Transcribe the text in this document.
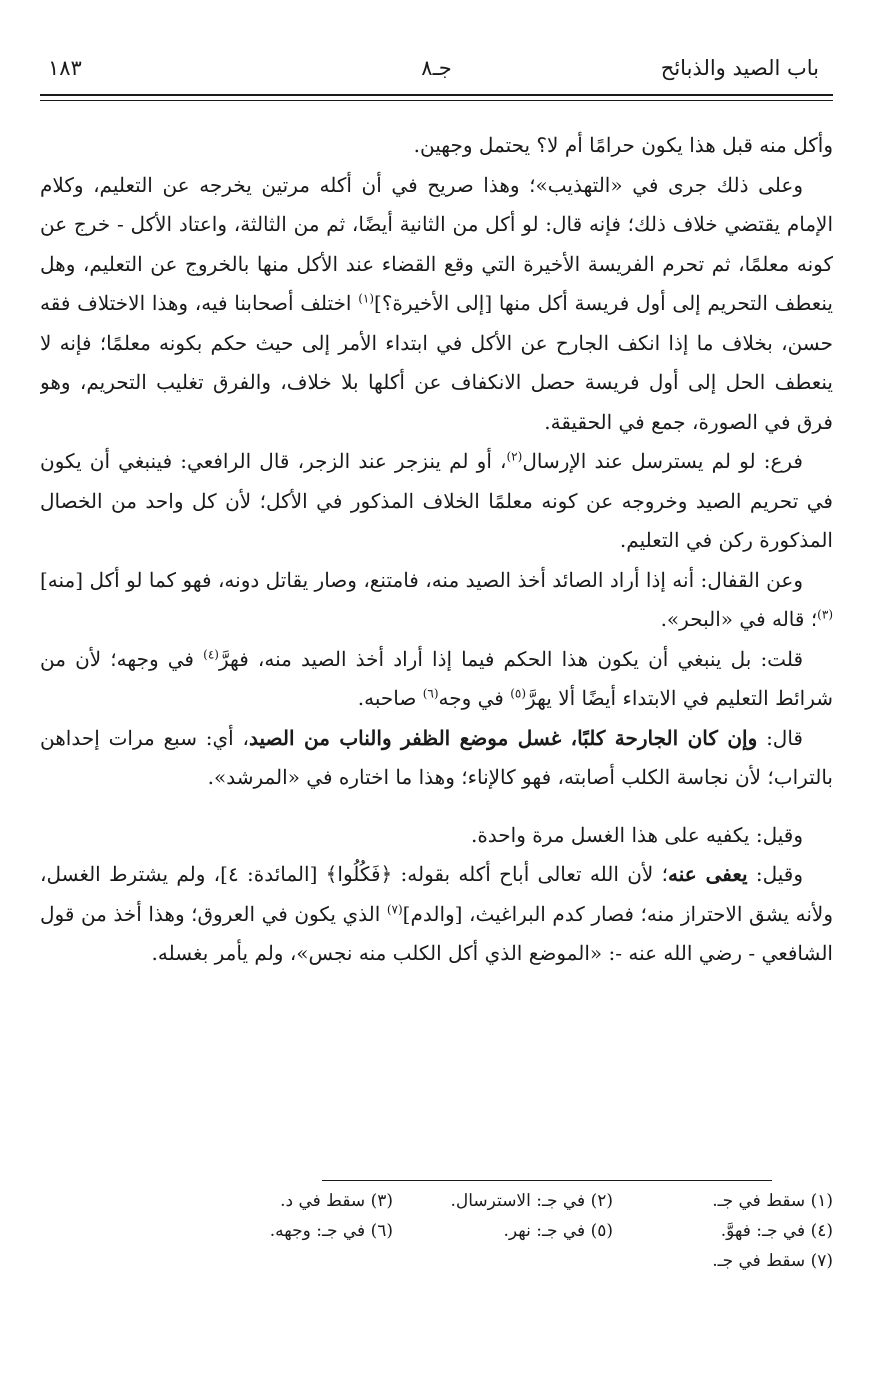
باب الصيد والذبائح
جـ٨
١٨٣

وأكل منه قبل هذا يكون حرامًا أم لا؟ يحتمل وجهين.

وعلى ذلك جرى في «التهذيب»؛ وهذا صريح في أن أكله مرتين يخرجه عن التعليم، وكلام الإمام يقتضي خلاف ذلك؛ فإنه قال: لو أكل من الثانية أيضًا، ثم من الثالثة، واعتاد الأكل - خرج عن كونه معلمًا، ثم تحرم الفريسة الأخيرة التي وقع القضاء عند الأكل منها بالخروج عن التعليم، وهل ينعطف التحريم إلى أول فريسة أكل منها [إلى الأخيرة؟]$^{(١)}$ اختلف أصحابنا فيه، وهذا الاختلاف فقه حسن، بخلاف ما إذا انكف الجارح عن الأكل في ابتداء الأمر إلى حيث حكم بكونه معلمًا؛ فإنه لا ينعطف الحل إلى أول فريسة حصل الانكفاف عن أكلها بلا خلاف، والفرق تغليب التحريم، وهو فرق في الصورة، جمع في الحقيقة.

فرع: لو لم يسترسل عند الإرسال$^{(٢)}$، أو لم ينزجر عند الزجر، قال الرافعي: فينبغي أن يكون في تحريم الصيد وخروجه عن كونه معلمًا الخلاف المذكور في الأكل؛ لأن كل واحد من الخصال المذكورة ركن في التعليم.

وعن القفال: أنه إذا أراد الصائد أخذ الصيد منه، فامتنع، وصار يقاتل دونه، فهو كما لو أكل [منه]$^{(٣)}$؛ قاله في «البحر».

قلت: بل ينبغي أن يكون هذا الحكم فيما إذا أراد أخذ الصيد منه، فهرَّ$^{(٤)}$ في وجهه؛ لأن من شرائط التعليم في الابتداء أيضًا ألا يهرَّ$^{(٥)}$ في وجه$^{(٦)}$ صاحبه.

قال: وإن كان الجارحة كلبًا، غسل موضع الظفر والناب من الصيد، أي: سبع مرات إحداهن بالتراب؛ لأن نجاسة الكلب أصابته، فهو كالإناء؛ وهذا ما اختاره في «المرشد».

وقيل: يكفيه على هذا الغسل مرة واحدة.

وقيل: يعفى عنه؛ لأن الله تعالى أباح أكله بقوله: ﴿فَكُلُوا﴾ [المائدة: ٤]، ولم يشترط الغسل، ولأنه يشق الاحتراز منه؛ فصار كدم البراغيث، [والدم]$^{(٧)}$ الذي يكون في العروق؛ وهذا أخذ من قول الشافعي - رضي الله عنه -: «الموضع الذي أكل الكلب منه نجس»، ولم يأمر بغسله.

(١) سقط في جـ.
(٢) في جـ: الاسترسال.
(٣) سقط في د.
(٤) في جـ: فهوَّ.
(٥) في جـ: نهر.
(٦) في جـ: وجهه.
(٧) سقط في جـ.
